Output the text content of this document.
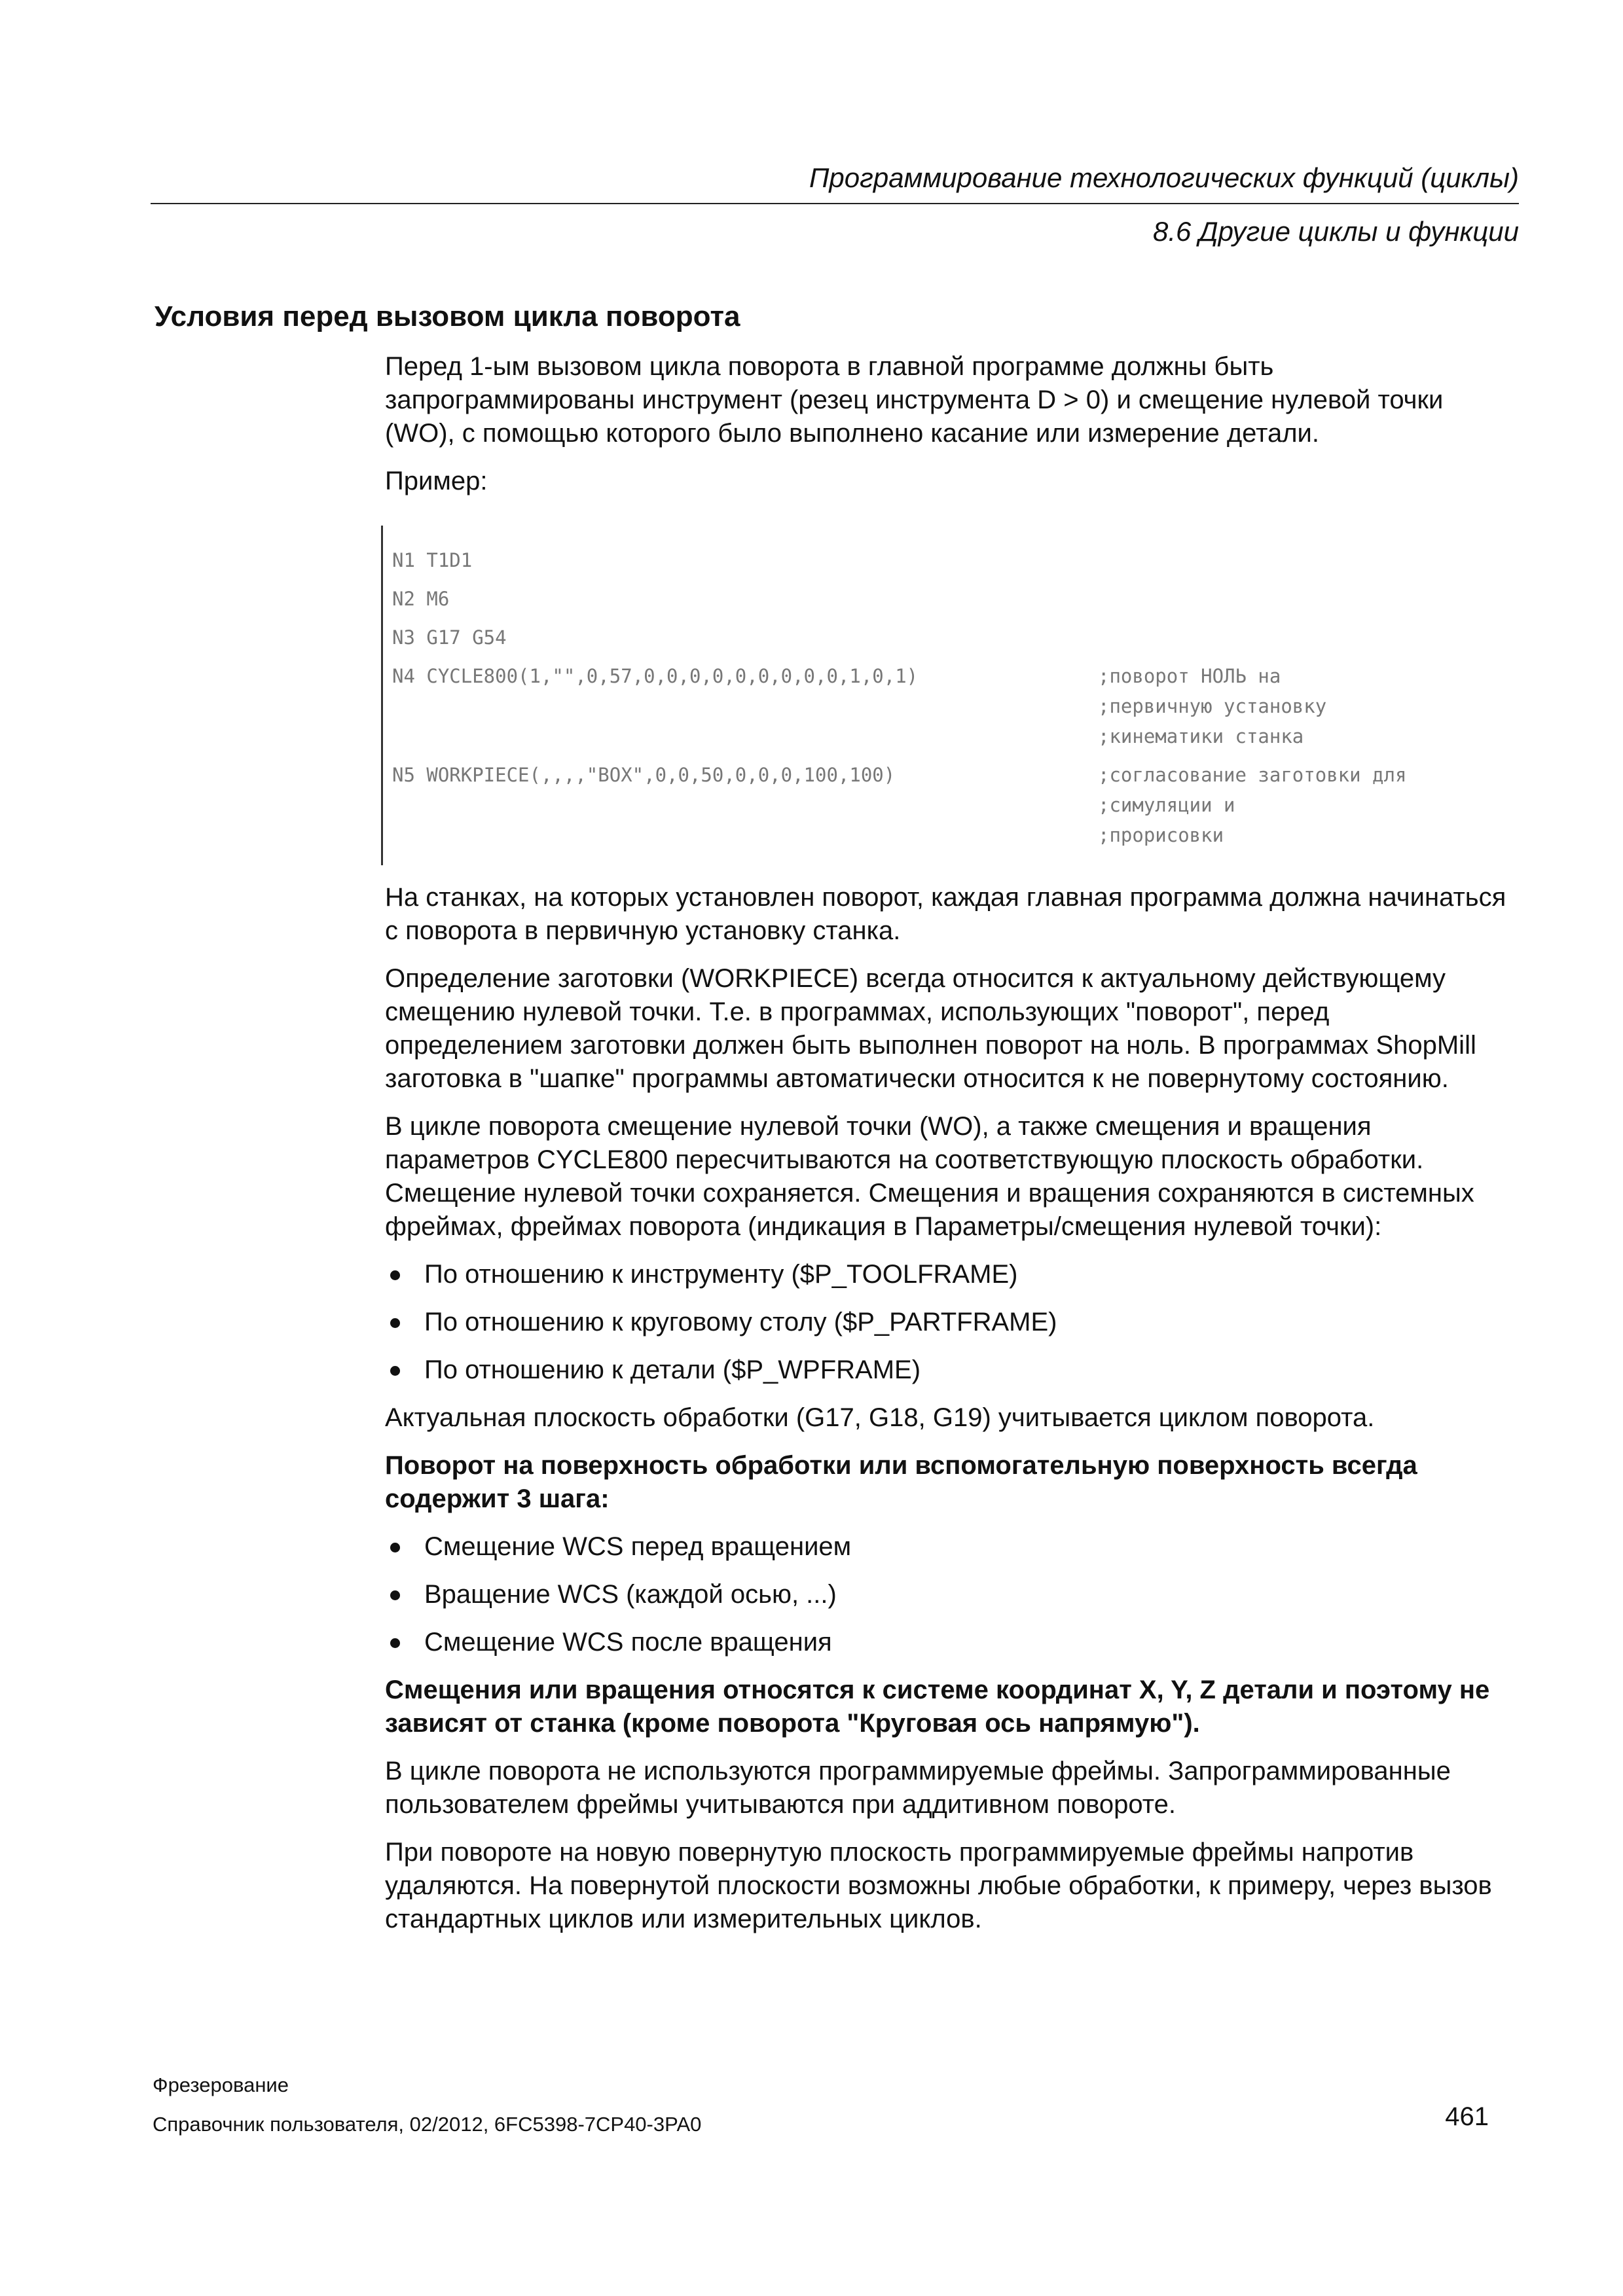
Программирование технологических функций (циклы)
8.6 Другие циклы и функции
Условия перед вызовом цикла поворота

Перед 1-ым вызовом цикла поворота в главной программе должны быть запрограммированы инструмент (резец инструмента D > 0) и смещение нулевой точки (WO), с помощью которого было выполнено касание или измерение детали.

Пример:

N1 T1D1
N2 M6
N3 G17 G54
N4 CYCLE800(1,"",0,57,0,0,0,0,0,0,0,0,0,1,0,1)	;поворот НОЛЬ на
;первичную установку
;кинематики станка
N5 WORKPIECE(,,,,"BOX",0,0,50,0,0,0,100,100)	;согласование заготовки для
;симуляции и
;прорисовки

На станках, на которых установлен поворот, каждая главная программа должна начинаться с поворота в первичную установку станка.

Определение заготовки (WORKPIECE) всегда относится к актуальному действующему смещению нулевой точки. Т.е. в программах, использующих "поворот", перед определением заготовки должен быть выполнен поворот на ноль. В программах ShopMill заготовка в "шапке" программы автоматически относится к не повернутому состоянию.

В цикле поворота смещение нулевой точки (WO), а также смещения и вращения параметров CYCLE800 пересчитываются на соответствующую плоскость обработки. Смещение нулевой точки сохраняется. Смещения и вращения сохраняются в системных фреймах, фреймах поворота (индикация в Параметры/смещения нулевой точки):

По отношению к инструменту ($P_TOOLFRAME)
По отношению к круговому столу ($P_PARTFRAME)
По отношению к детали ($P_WPFRAME)

Актуальная плоскость обработки (G17, G18, G19) учитывается циклом поворота.

Поворот на поверхность обработки или вспомогательную поверхность всегда содержит 3 шага:

Смещение WCS перед вращением
Вращение WCS (каждой осью, ...)
Смещение WCS после вращения

Смещения или вращения относятся к системе координат X, Y, Z детали и поэтому не зависят от станка (кроме поворота "Круговая ось напрямую").

В цикле поворота не используются программируемые фреймы. Запрограммированные пользователем фреймы учитываются при аддитивном повороте.

При повороте на новую повернутую плоскость программируемые фреймы напротив удаляются. На повернутой плоскости возможны любые обработки, к примеру, через вызов стандартных циклов или измерительных циклов.

Фрезерование
Справочник пользователя, 02/2012, 6FC5398-7CP40-3PA0	461
